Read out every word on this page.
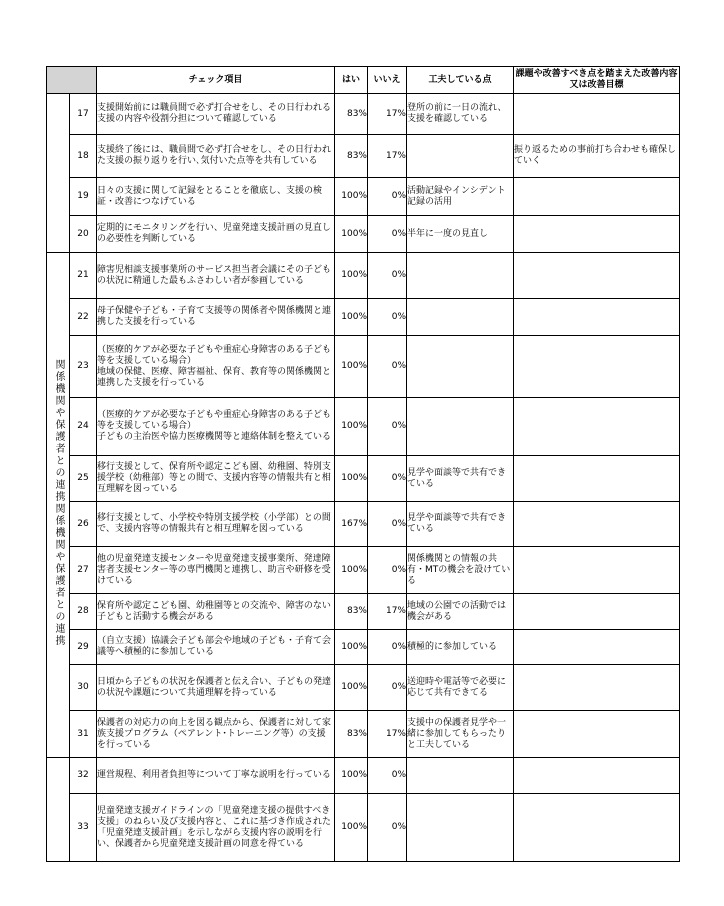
		チェック項目	はい	いいえ	工夫している点	課題や改善すべき点を踏まえた改善内容又は改善目標
	17	支援開始前には職員間で必ず打合せをし、その日行われる支援の内容や役割分担について確認している	83%	17%	登所の前に一日の流れ、支援を確認している	
	18	支援終了後には、職員間で必ず打合せをし、その日行われた支援の振り返りを行い､気付いた点等を共有している	83%	17%		振り返るための事前打ち合わせも確保していく
	19	日々の支援に関して記録をとることを徹底し、支援の検証・改善につなげている	100%	0%	活動記録やインシデント記録の活用	
	20	定期的にモニタリングを行い、児童発達支援計画の見直しの必要性を判断している	100%	0%	半年に一度の見直し	
関係機関や保護者との連携関係機関や保護者との連携	21	障害児相談支援事業所のサービス担当者会議にその子どもの状況に精通した最もふさわしい者が参画している	100%	0%		
	22	母子保健や子ども・子育て支援等の関係者や関係機関と連携した支援を行っている	100%	0%		
	23	（医療的ケアが必要な子どもや重症心身障害のある子ども等を支援している場合）
地域の保健、医療、障害福祉、保育、教育等の関係機関と連携した支援を行っている	100%	0%		
	24	（医療的ケアが必要な子どもや重症心身障害のある子ども等を支援している場合）
子どもの主治医や協力医療機関等と連絡体制を整えている	100%	0%		
	25	移行支援として、保育所や認定こども園、幼稚園、特別支援学校（幼稚部）等との間で、支援内容等の情報共有と相互理解を図っている	100%	0%	見学や面談等で共有できている	
	26	移行支援として、小学校や特別支援学校（小学部）との間で、支援内容等の情報共有と相互理解を図っている	167%	0%	見学や面談等で共有できている	
	27	他の児童発達支援センターや児童発達支援事業所、発達障害者支援センター等の専門機関と連携し、助言や研修を受けている	100%	0%	関係機関との情報の共有・MTの機会を設けている	
	28	保育所や認定こども園、幼稚園等との交流や、障害のない子どもと活動する機会がある	83%	17%	地域の公園での活動では機会がある	
	29	（自立支援）協議会子ども部会や地域の子ども・子育て会議等へ積極的に参加している	100%	0%	積極的に参加している	
	30	日頃から子どもの状況を保護者と伝え合い、子どもの発達の状況や課題について共通理解を持っている	100%	0%	送迎時や電話等で必要に応じて共有できてる	
	31	保護者の対応力の向上を図る観点から、保護者に対して家族支援プログラム（ペアレント･トレーニング等）の支援を行っている	83%	17%	支援中の保護者見学や一緒に参加してもらったりと工夫している	
	32	運営規程、利用者負担等について丁寧な説明を行っている	100%	0%		
	33	児童発達支援ガイドラインの「児童発達支援の提供すべき支援」のねらい及び支援内容と、これに基づき作成された「児童発達支援計画」を示しながら支援内容の説明を行い、保護者から児童発達支援計画の同意を得ている	100%	0%		
